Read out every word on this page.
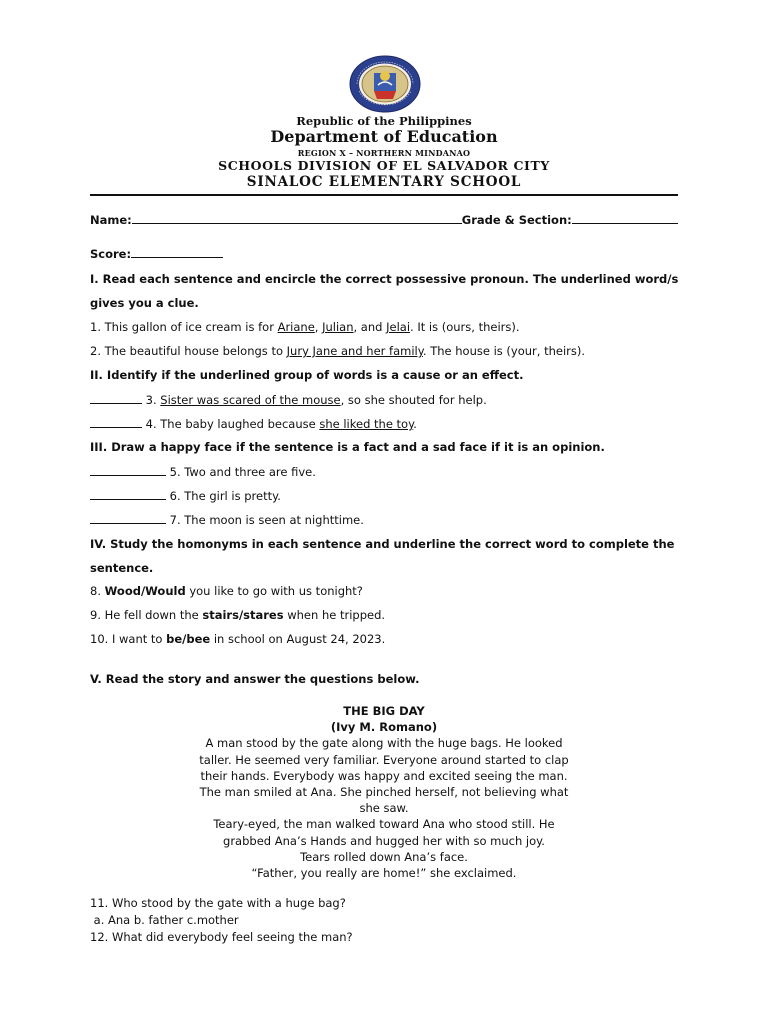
Republic of the Philippines
Department of Education
REGION X – NORTHERN MINDANAO
SCHOOLS DIVISION OF EL SALVADOR CITY
SINALOC ELEMENTARY SCHOOL
Name:	Grade & Section:
Score:
I. Read each sentence and encircle the correct possessive pronoun. The underlined word/s
gives you a clue.
1. This gallon of ice cream is for Ariane, Julian, and Jelai. It is (ours, theirs).
2. The beautiful house belongs to Jury Jane and her family. The house is (your, theirs).
II. Identify if the underlined group of words is a cause or an effect.
3. Sister was scared of the mouse, so she shouted for help.
4. The baby laughed because she liked the toy.
III. Draw a happy face if the sentence is a fact and a sad face if it is an opinion.
5. Two and three are five.
6. The girl is pretty.
7. The moon is seen at nighttime.
IV. Study the homonyms in each sentence and underline the correct word to complete the
sentence.
8. Wood/Would you like to go with us tonight?
9. He fell down the stairs/stares when he tripped.
10. I want to be/bee in school on August 24, 2023.
V. Read the story and answer the questions below.
THE BIG DAY
(Ivy M. Romano)
A man stood by the gate along with the huge bags. He looked
taller. He seemed very familiar. Everyone around started to clap
their hands. Everybody was happy and excited seeing the man.
The man smiled at Ana. She pinched herself, not believing what
she saw.
Teary-eyed, the man walked toward Ana who stood still. He
grabbed Ana’s Hands and hugged her with so much joy.
Tears rolled down Ana’s face.
“Father, you really are home!” she exclaimed.
11. Who stood by the gate with a huge bag?
a. Ana b. father c.mother
12. What did everybody feel seeing the man?
